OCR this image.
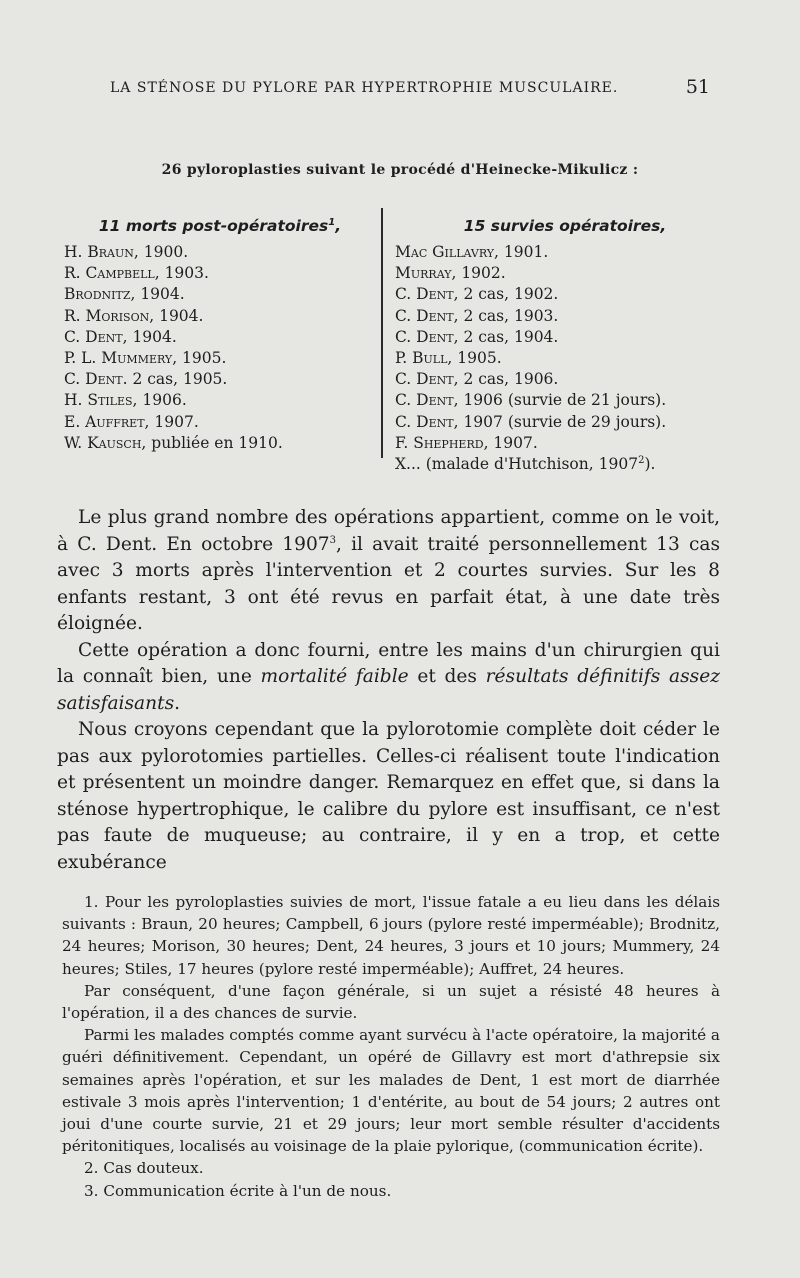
LA STÉNOSE DU PYLORE PAR HYPERTROPHIE MUSCULAIRE.	51
26 pyloroplasties suivant le procédé d'Heinecke-Mikulicz :
11 morts post-opératoires$^1$,
H. Braun, 1900.
R. Campbell, 1903.
Brodnitz, 1904.
R. Morison, 1904.
C. Dent, 1904.
P. L. Mummery, 1905.
C. Dent. 2 cas, 1905.
H. Stiles, 1906.
E. Auffret, 1907.
W. Kausch, publiée en 1910.
15 survies opératoires,
Mac Gillavry, 1901.
Murray, 1902.
C. Dent, 2 cas, 1902.
C. Dent, 2 cas, 1903.
C. Dent, 2 cas, 1904.
P. Bull, 1905.
C. Dent, 2 cas, 1906.
C. Dent, 1906 (survie de 21 jours).
C. Dent, 1907 (survie de 29 jours).
F. Shepherd, 1907.
X... (malade d'Hutchison, 1907$^2$).

Le plus grand nombre des opérations appartient, comme on le voit, à C. Dent. En octobre 1907$^3$, il avait traité personnellement 13 cas avec 3 morts après l'intervention et 2 courtes survies. Sur les 8 enfants restant, 3 ont été revus en parfait état, à une date très éloignée.

Cette opération a donc fourni, entre les mains d'un chirurgien qui la connaît bien, une mortalité faible et des résultats définitifs assez satisfaisants.

Nous croyons cependant que la pylorotomie complète doit céder le pas aux pylorotomies partielles. Celles-ci réalisent toute l'indication et présentent un moindre danger. Remarquez en effet que, si dans la sténose hypertrophique, le calibre du pylore est insuffisant, ce n'est pas faute de muqueuse; au contraire, il y en a trop, et cette exubérance

1. Pour les pyroloplasties suivies de mort, l'issue fatale a eu lieu dans les délais suivants : Braun, 20 heures; Campbell, 6 jours (pylore resté imperméable); Brodnitz, 24 heures; Morison, 30 heures; Dent, 24 heures, 3 jours et 10 jours; Mummery, 24 heures; Stiles, 17 heures (pylore resté imperméable); Auffret, 24 heures.

Par conséquent, d'une façon générale, si un sujet a résisté 48 heures à l'opération, il a des chances de survie.

Parmi les malades comptés comme ayant survécu à l'acte opératoire, la majorité a guéri définitivement. Cependant, un opéré de Gillavry est mort d'athrepsie six semaines après l'opération, et sur les malades de Dent, 1 est mort de diarrhée estivale 3 mois après l'intervention; 1 d'entérite, au bout de 54 jours; 2 autres ont joui d'une courte survie, 21 et 29 jours; leur mort semble résulter d'accidents péritonitiques, localisés au voisinage de la plaie pylorique, (communication écrite).

2. Cas douteux.

3. Communication écrite à l'un de nous.
